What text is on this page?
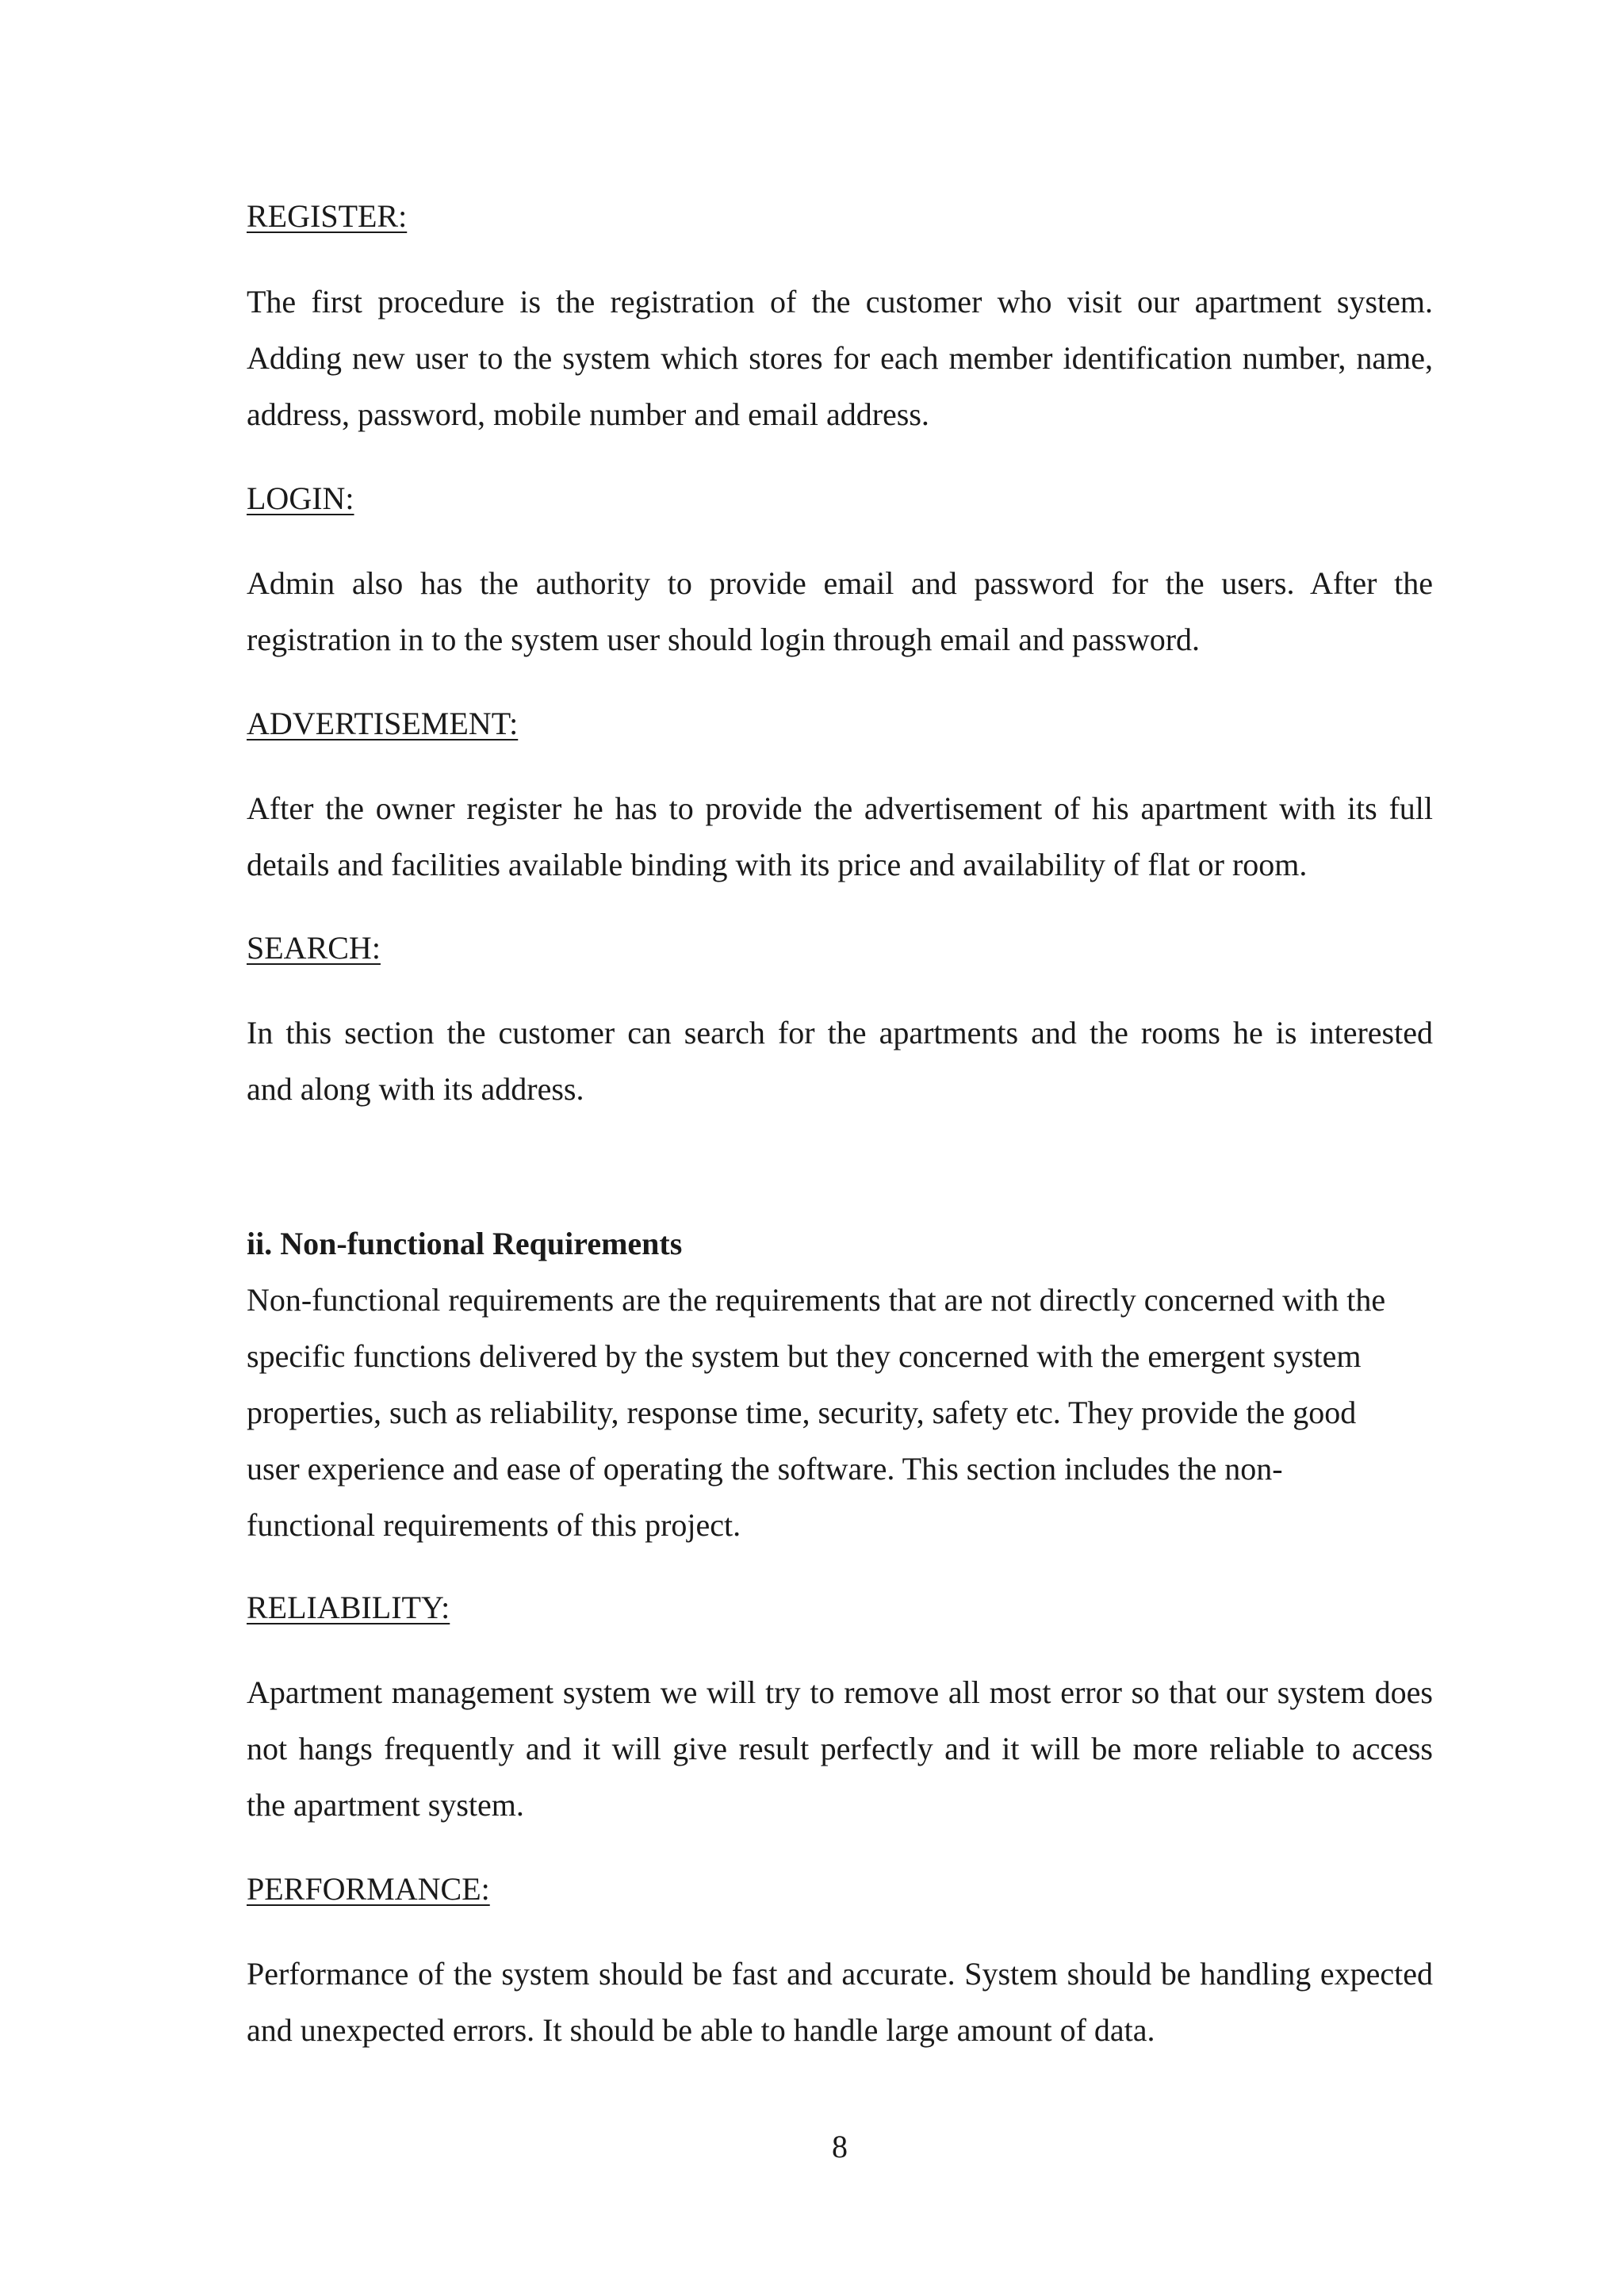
REGISTER:

The first procedure is the registration of the customer who visit our apartment system.
Adding new user to the system which stores for each member identification number, name,
address, password, mobile number and email address.

LOGIN:

Admin also has the authority to provide email and password for the users. After the
registration in to the system user should login through email and password.

ADVERTISEMENT:

After the owner register he has to provide the advertisement of his apartment with its full
details and facilities available binding with its price and availability of flat or room.

SEARCH:

In this section the customer can search for the apartments and the rooms he is interested
and along with its address.

ii. Non-functional Requirements

Non-functional requirements are the requirements that are not directly concerned with the
specific functions delivered by the system but they concerned with the emergent system
properties, such as reliability, response time, security, safety etc. They provide the good
user experience and ease of operating the software. This section includes the non-
functional requirements of this project.

RELIABILITY:

Apartment management system we will try to remove all most error so that our system does
not hangs frequently and it will give result perfectly and it will be more reliable to access
the apartment system.

PERFORMANCE:

Performance of the system should be fast and accurate. System should be handling expected
and unexpected errors. It should be able to handle large amount of data.

8
